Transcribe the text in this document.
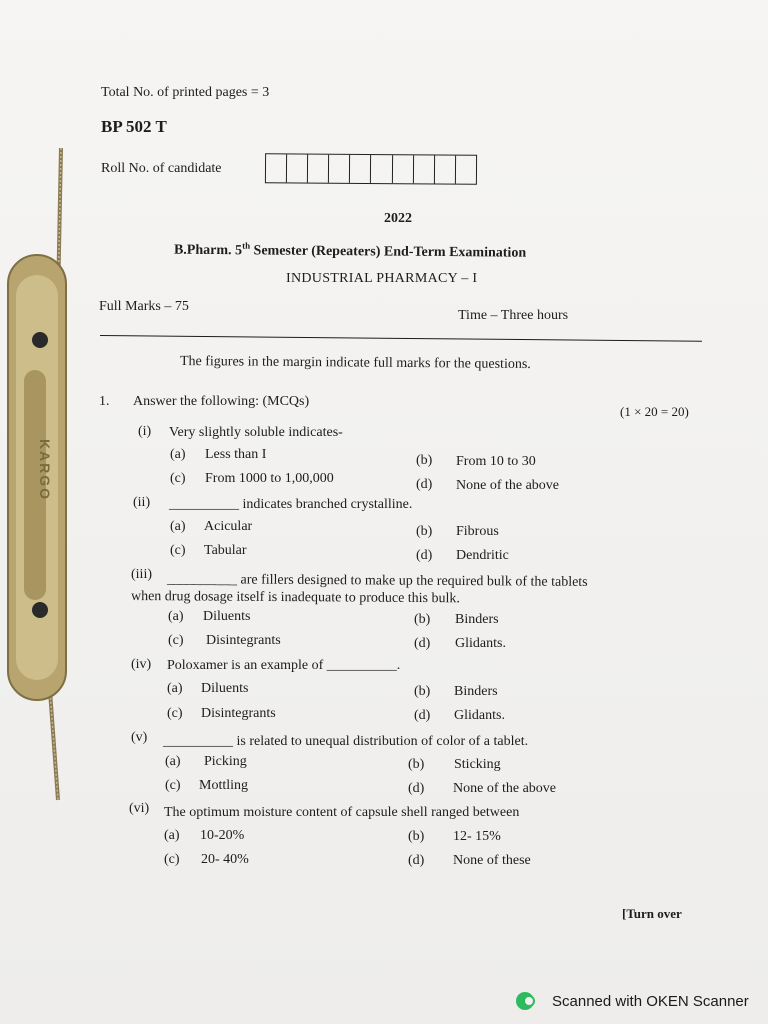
KARGO
Total No. of printed pages = 3
BP 502 T
Roll No. of candidate
2022
B.Pharm. 5th Semester (Repeaters) End-Term Examination
INDUSTRIAL PHARMACY – I
Full Marks – 75
Time – Three hours
The figures in the margin indicate full marks for the questions.
1. Answer the following: (MCQs)
(1 × 20 = 20)
(i) Very slightly soluble indicates-
(a) Less than I	(b) From 10 to 30
(c) From 1000 to 1,00,000	(d) None of the above
(ii) __________ indicates branched crystalline.
(a) Acicular	(b) Fibrous
(c) Tabular	(d) Dendritic
(iii) __________ are fillers designed to make up the required bulk of the tablets
when drug dosage itself is inadequate to produce this bulk.
(a) Diluents	(b) Binders
(c) Disintegrants	(d) Glidants.
(iv) Poloxamer is an example of __________.
(a) Diluents	(b) Binders
(c) Disintegrants	(d) Glidants.
(v) __________ is related to unequal distribution of color of a tablet.
(a) Picking	(b) Sticking
(c) Mottling	(d) None of the above
(vi) The optimum moisture content of capsule shell ranged between
(a) 10-20%	(b) 12- 15%
(c) 20- 40%	(d) None of these
[Turn over
Scanned with OKEN Scanner
